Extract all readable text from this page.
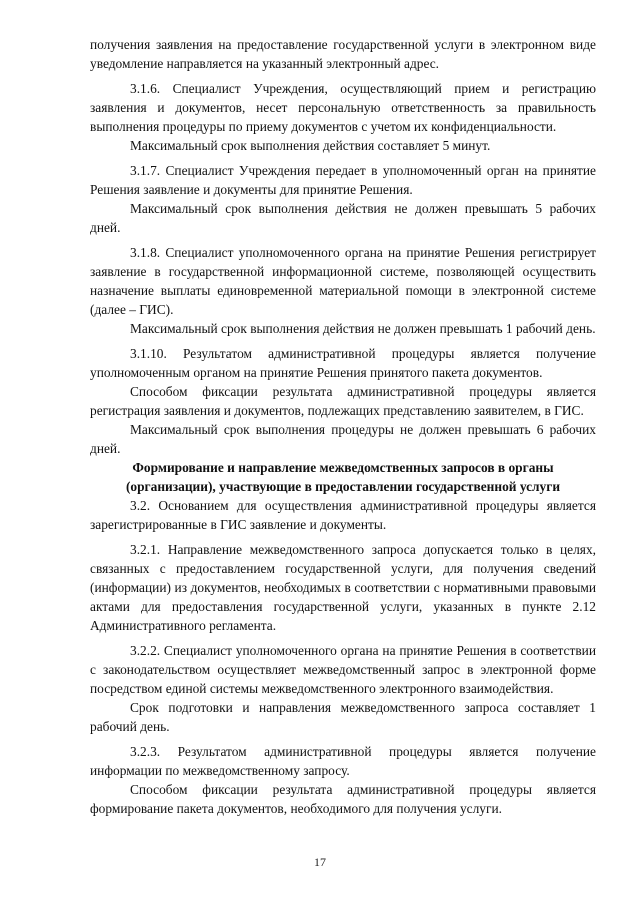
получения заявления на предоставление государственной услуги в электронном виде уведомление направляется на указанный электронный адрес.

3.1.6. Специалист Учреждения, осуществляющий прием и регистрацию заявления и документов, несет персональную ответственность за правильность выполнения процедуры по приему документов с учетом их конфиденциальности.

Максимальный срок выполнения действия составляет 5 минут.

3.1.7. Специалист Учреждения передает в уполномоченный орган на принятие Решения заявление и документы для принятие Решения.

Максимальный срок выполнения действия не должен превышать 5 рабочих дней.

3.1.8. Специалист уполномоченного органа на принятие Решения регистрирует заявление в государственной информационной системе, позволяющей осуществить назначение выплаты единовременной материальной помощи в электронной системе (далее – ГИС).

Максимальный срок выполнения действия не должен превышать 1 рабочий день.

3.1.10. Результатом административной процедуры является получение уполномоченным органом на принятие Решения принятого пакета документов.

Способом фиксации результата административной процедуры является регистрация заявления и документов, подлежащих представлению заявителем, в ГИС.

Максимальный срок выполнения процедуры не должен превышать 6 рабочих дней.

Формирование и направление межведомственных запросов в органы (организации), участвующие в предоставлении государственной услуги

3.2. Основанием для осуществления административной процедуры является зарегистрированные в ГИС заявление и документы.

3.2.1. Направление межведомственного запроса допускается только в целях, связанных с предоставлением государственной услуги, для получения сведений (информации) из документов, необходимых в соответствии с нормативными правовыми актами для предоставления государственной услуги, указанных в пункте 2.12 Административного регламента.

3.2.2. Специалист уполномоченного органа на принятие Решения в соответствии с законодательством осуществляет межведомственный запрос в электронной форме посредством единой системы межведомственного электронного взаимодействия.

Срок подготовки и направления межведомственного запроса составляет 1 рабочий день.

3.2.3. Результатом административной процедуры является получение информации по межведомственному запросу.

Способом фиксации результата административной процедуры является формирование пакета документов, необходимого для получения услуги.

17
